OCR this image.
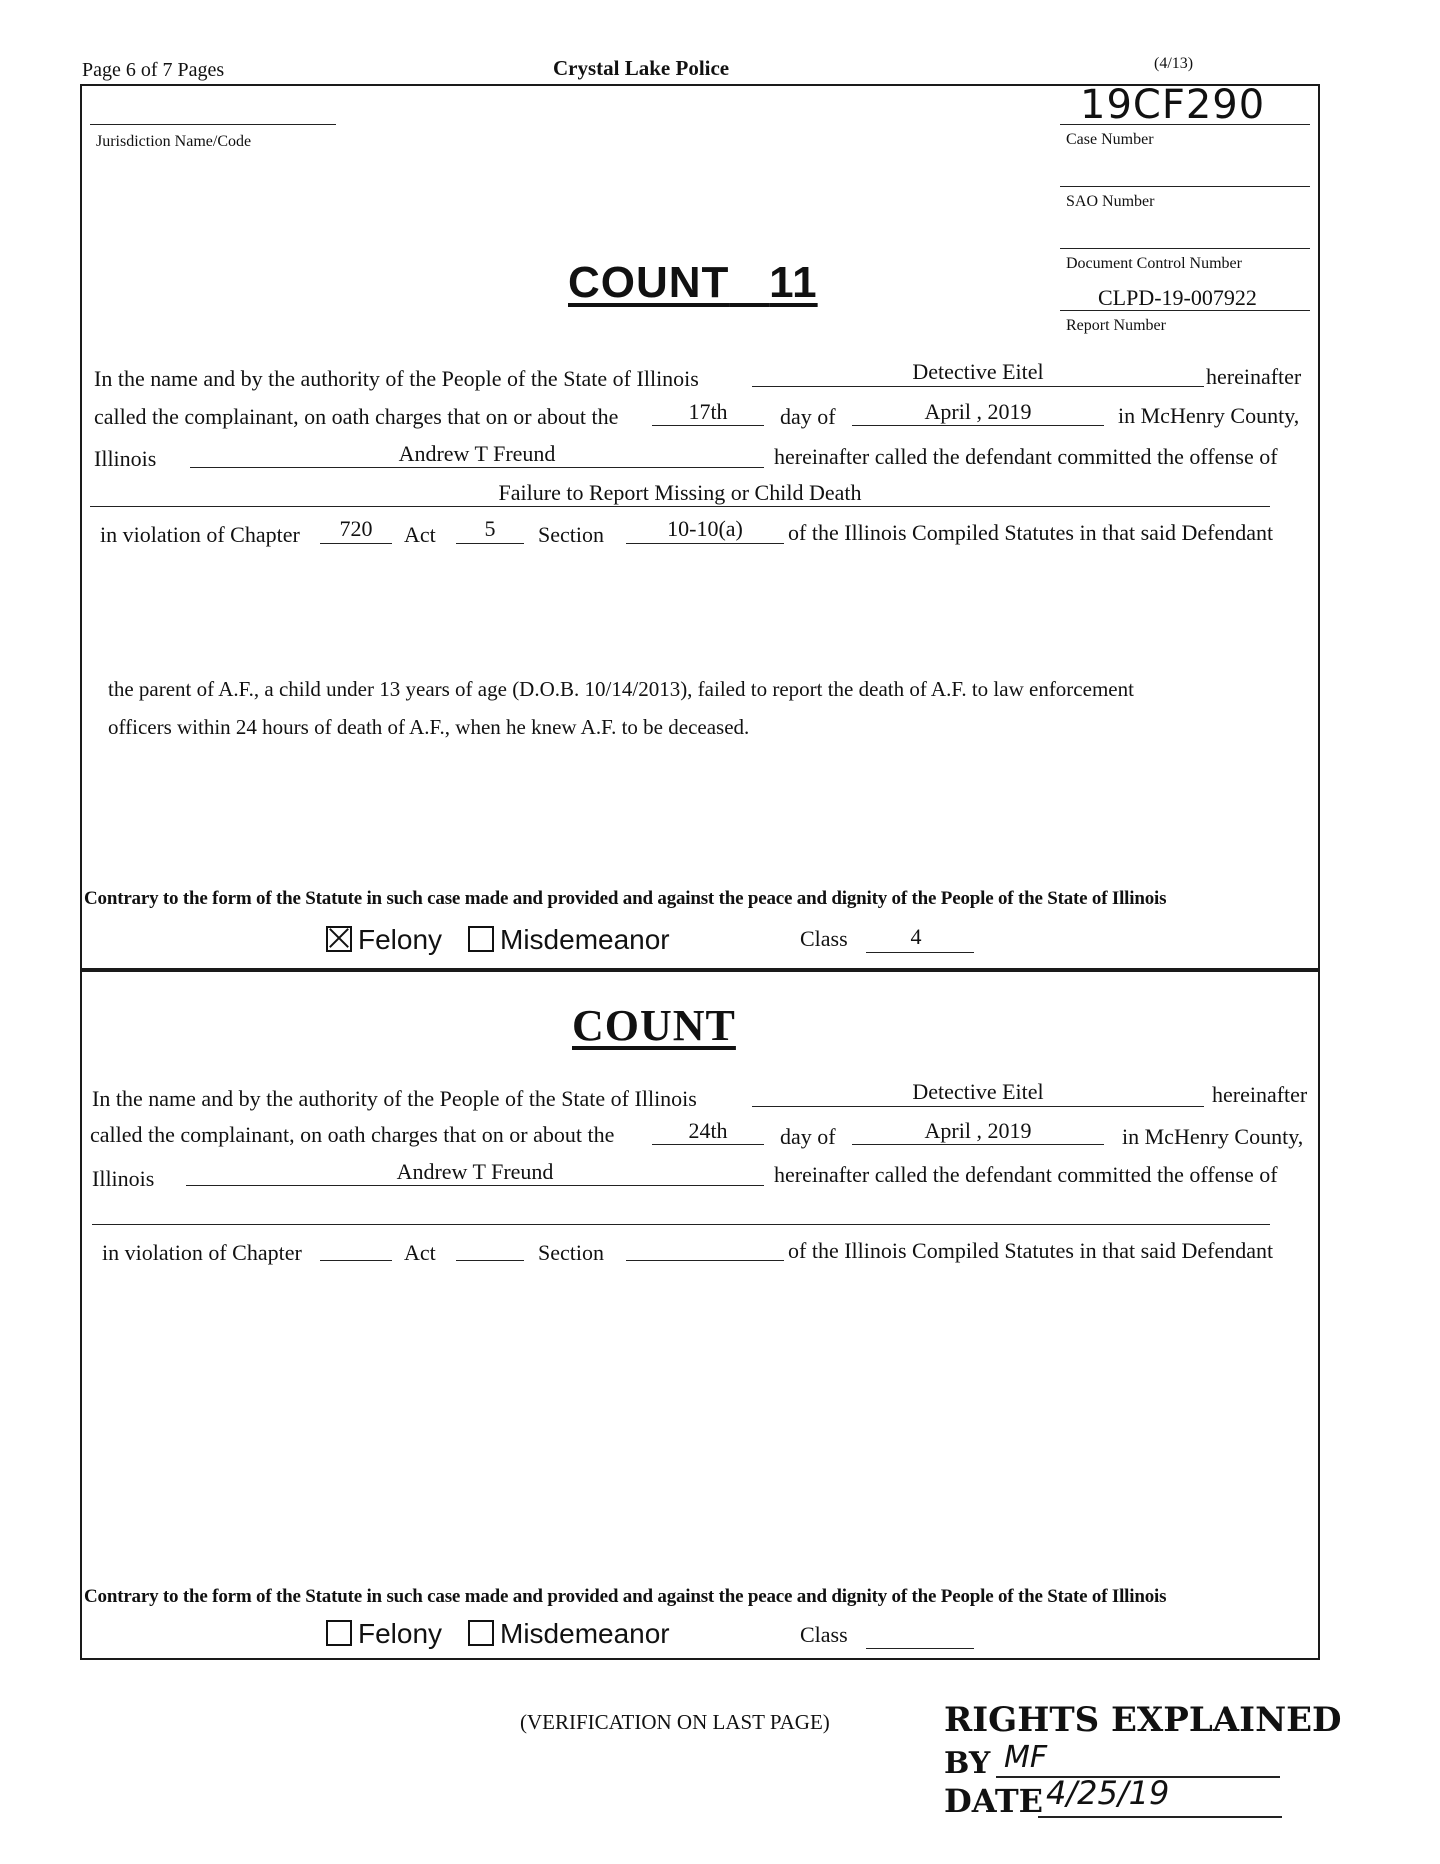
Page 6 of 7 Pages	Crystal Lake Police	(4/13)
Jurisdiction Name/Code
19CF290
Case Number
SAO Number
Document Control Number
CLPD-19-007922
Report Number
COUNT 11
In the name and by the authority of the People of the State of Illinois	Detective Eitel	hereinafter
called the complainant, on oath charges that on or about the	17th	day of	April , 2019	in McHenry County,
Illinois	Andrew T Freund	hereinafter called the defendant committed the offense of
Failure to Report Missing or Child Death
in violation of Chapter	720	Act	5	Section	10-10(a)	of the Illinois Compiled Statutes in that said Defendant
the parent of A.F., a child under 13 years of age (D.O.B. 10/14/2013), failed to report the death of A.F. to law enforcement
officers within 24 hours of death of A.F., when he knew A.F. to be deceased.
Contrary to the form of the Statute in such case made and provided and against the peace and dignity of the People of the State of Illinois
Felony	Misdemeanor	Class	4
COUNT
In the name and by the authority of the People of the State of Illinois	Detective Eitel	hereinafter
called the complainant, on oath charges that on or about the	24th	day of	April , 2019	in McHenry County,
Illinois	Andrew T Freund	hereinafter called the defendant committed the offense of
in violation of Chapter	Act	Section	of the Illinois Compiled Statutes in that said Defendant
Contrary to the form of the Statute in such case made and provided and against the peace and dignity of the People of the State of Illinois
Felony	Misdemeanor	Class
(VERIFICATION ON LAST PAGE)	RIGHTS EXPLAINED
BY MF
DATE 4/25/19
